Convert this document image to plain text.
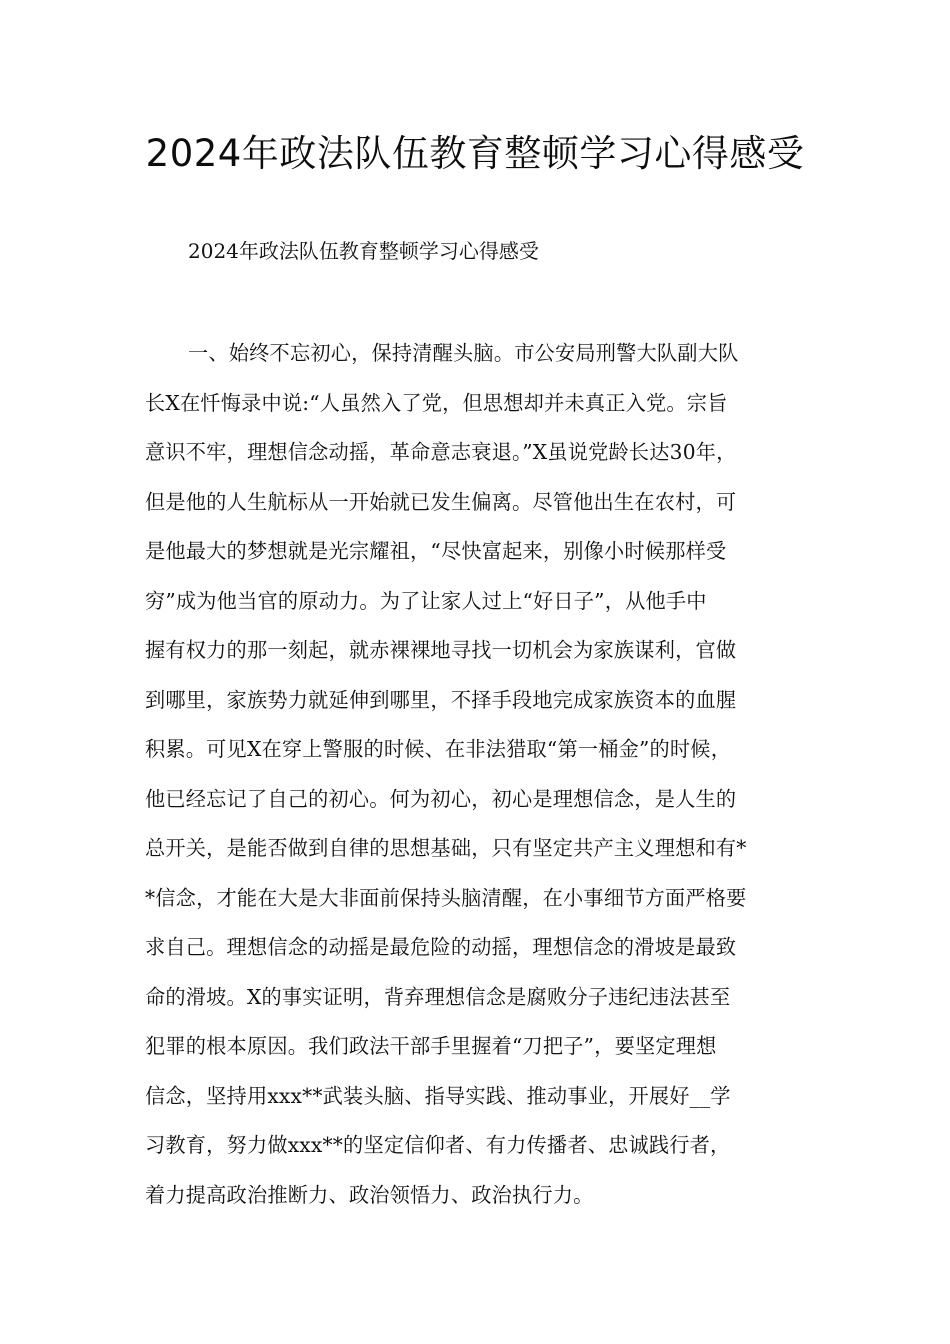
2024年政法队伍教育整顿学习心得感受

2024年政法队伍教育整顿学习心得感受

一、始终不忘初心，保持清醒头脑。市公安局刑警大队副大队
长X在忏悔录中说:“人虽然入了党，但思想却并未真正入党。宗旨
意识不牢，理想信念动摇，革命意志衰退。”X虽说党龄长达30年，
但是他的人生航标从一开始就已发生偏离。尽管他出生在农村，可
是他最大的梦想就是光宗耀祖，“尽快富起来，别像小时候那样受
穷”成为他当官的原动力。为了让家人过上“好日子”，从他手中
握有权力的那一刻起，就赤裸裸地寻找一切机会为家族谋利，官做
到哪里，家族势力就延伸到哪里，不择手段地完成家族资本的血腥
积累。可见X在穿上警服的时候、在非法猎取“第一桶金”的时候，
他已经忘记了自己的初心。何为初心，初心是理想信念，是人生的
总开关，是能否做到自律的思想基础，只有坚定共产主义理想和有*
*信念，才能在大是大非面前保持头脑清醒，在小事细节方面严格要
求自己。理想信念的动摇是最危险的动摇，理想信念的滑坡是最致
命的滑坡。X的事实证明，背弃理想信念是腐败分子违纪违法甚至
犯罪的根本原因。我们政法干部手里握着“刀把子”，要坚定理想
信念，坚持用xxx**武装头脑、指导实践、推动事业，开展好__学
习教育，努力做xxx**的坚定信仰者、有力传播者、忠诚践行者，
着力提高政治推断力、政治领悟力、政治执行力。
